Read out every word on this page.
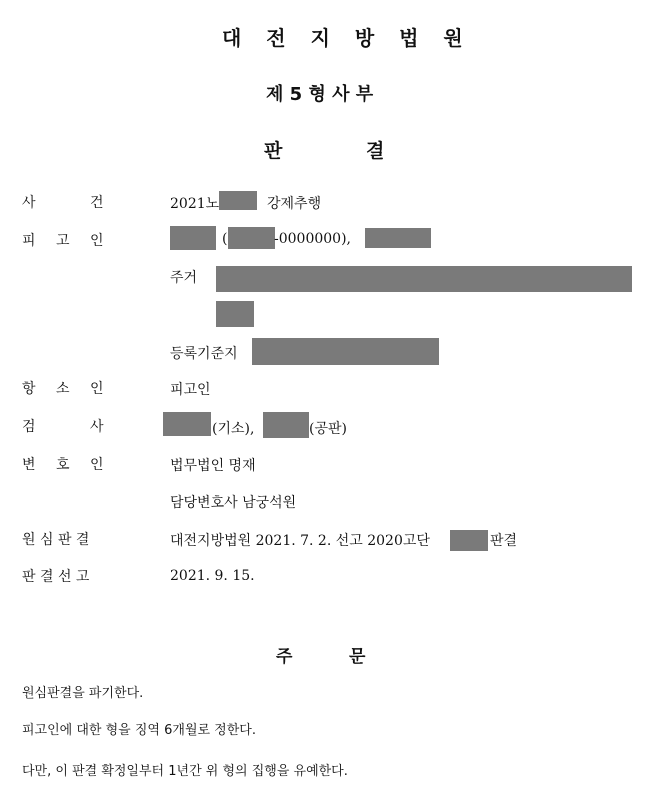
대 전 지 방 법 원
제 5 형 사 부
판	결
사	건	2021노	강제추행
피 고 인	(	-0000000),
주거
등록기준지
항 소 인	피고인
검	사	(기소),	(공판)
변 호 인	법무법인 명재
담당변호사 남궁석원
원 심 판 결	대전지방법원 2021. 7. 2. 선고 2020고단	판결
판 결 선 고	2021. 9. 15.
주	문
원심판결을 파기한다.
피고인에 대한 형을 징역 6개월로 정한다.
다만, 이 판결 확정일부터 1년간 위 형의 집행을 유예한다.
